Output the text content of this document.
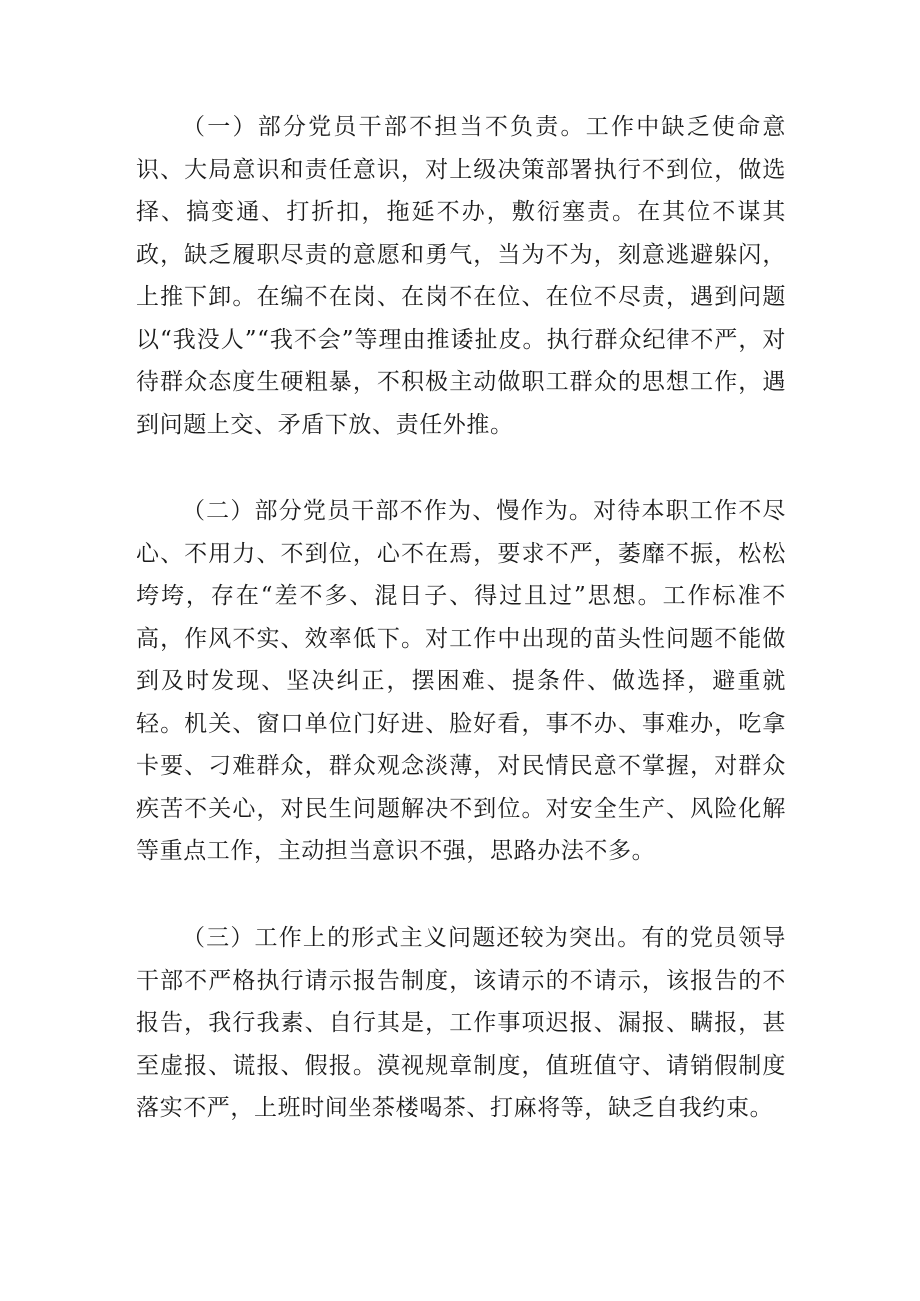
（一）部分党员干部不担当不负责。工作中缺乏使命意识、大局意识和责任意识，对上级决策部署执行不到位，做选择、搞变通、打折扣，拖延不办，敷衍塞责。在其位不谋其政，缺乏履职尽责的意愿和勇气，当为不为，刻意逃避躲闪，上推下卸。在编不在岗、在岗不在位、在位不尽责，遇到问题以“我没人”“我不会”等理由推诿扯皮。执行群众纪律不严，对待群众态度生硬粗暴，不积极主动做职工群众的思想工作，遇到问题上交、矛盾下放、责任外推。

（二）部分党员干部不作为、慢作为。对待本职工作不尽心、不用力、不到位，心不在焉，要求不严，萎靡不振，松松垮垮，存在“差不多、混日子、得过且过”思想。工作标准不高，作风不实、效率低下。对工作中出现的苗头性问题不能做到及时发现、坚决纠正，摆困难、提条件、做选择，避重就轻。机关、窗口单位门好进、脸好看，事不办、事难办，吃拿卡要、刁难群众，群众观念淡薄，对民情民意不掌握，对群众疾苦不关心，对民生问题解决不到位。对安全生产、风险化解等重点工作，主动担当意识不强，思路办法不多。

（三）工作上的形式主义问题还较为突出。有的党员领导干部不严格执行请示报告制度，该请示的不请示，该报告的不报告，我行我素、自行其是，工作事项迟报、漏报、瞒报，甚至虚报、谎报、假报。漠视规章制度，值班值守、请销假制度落实不严，上班时间坐茶楼喝茶、打麻将等，缺乏自我约束。
